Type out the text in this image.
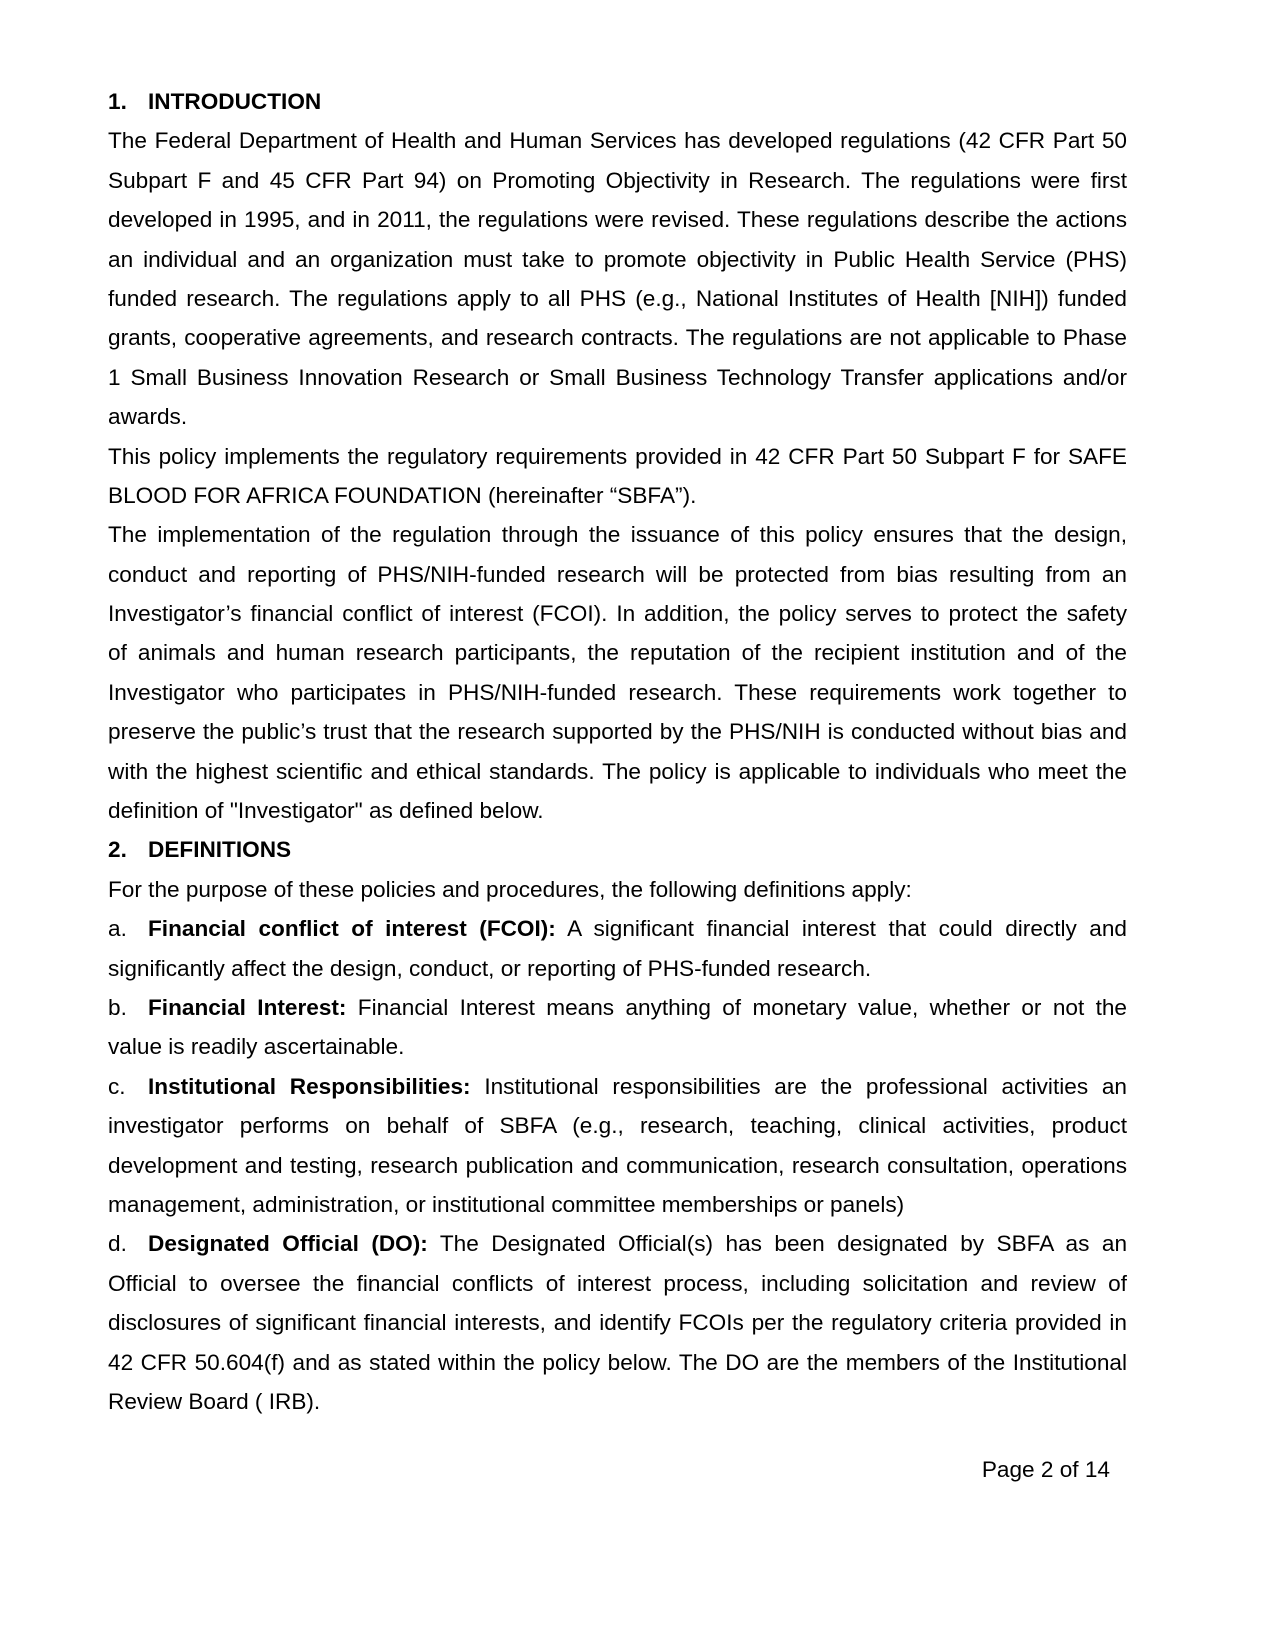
1. INTRODUCTION
The Federal Department of Health and Human Services has developed regulations (42 CFR Part 50
Subpart F and 45 CFR Part 94) on Promoting Objectivity in Research. The regulations were first
developed in 1995, and in 2011, the regulations were revised. These regulations describe the actions
an individual and an organization must take to promote objectivity in Public Health Service (PHS)
funded research. The regulations apply to all PHS (e.g., National Institutes of Health [NIH]) funded
grants, cooperative agreements, and research contracts. The regulations are not applicable to Phase
1 Small Business Innovation Research or Small Business Technology Transfer applications and/or
awards.
This policy implements the regulatory requirements provided in 42 CFR Part 50 Subpart F for SAFE
BLOOD FOR AFRICA FOUNDATION (hereinafter “SBFA”).
The implementation of the regulation through the issuance of this policy ensures that the design,
conduct and reporting of PHS/NIH-funded research will be protected from bias resulting from an
Investigator’s financial conflict of interest (FCOI). In addition, the policy serves to protect the safety
of animals and human research participants, the reputation of the recipient institution and of the
Investigator who participates in PHS/NIH-funded research. These requirements work together to
preserve the public’s trust that the research supported by the PHS/NIH is conducted without bias and
with the highest scientific and ethical standards. The policy is applicable to individuals who meet the
definition of "Investigator" as defined below.
2. DEFINITIONS
For the purpose of these policies and procedures, the following definitions apply:
a. Financial conflict of interest (FCOI): A significant financial interest that could directly and
significantly affect the design, conduct, or reporting of PHS-funded research.
b. Financial Interest: Financial Interest means anything of monetary value, whether or not the
value is readily ascertainable.
c. Institutional Responsibilities: Institutional responsibilities are the professional activities an
investigator performs on behalf of SBFA (e.g., research, teaching, clinical activities, product
development and testing, research publication and communication, research consultation, operations
management, administration, or institutional committee memberships or panels)
d. Designated Official (DO): The Designated Official(s) has been designated by SBFA as an
Official to oversee the financial conflicts of interest process, including solicitation and review of
disclosures of significant financial interests, and identify FCOIs per the regulatory criteria provided in
42 CFR 50.604(f) and as stated within the policy below. The DO are the members of the Institutional
Review Board ( IRB).
Page 2 of 14
